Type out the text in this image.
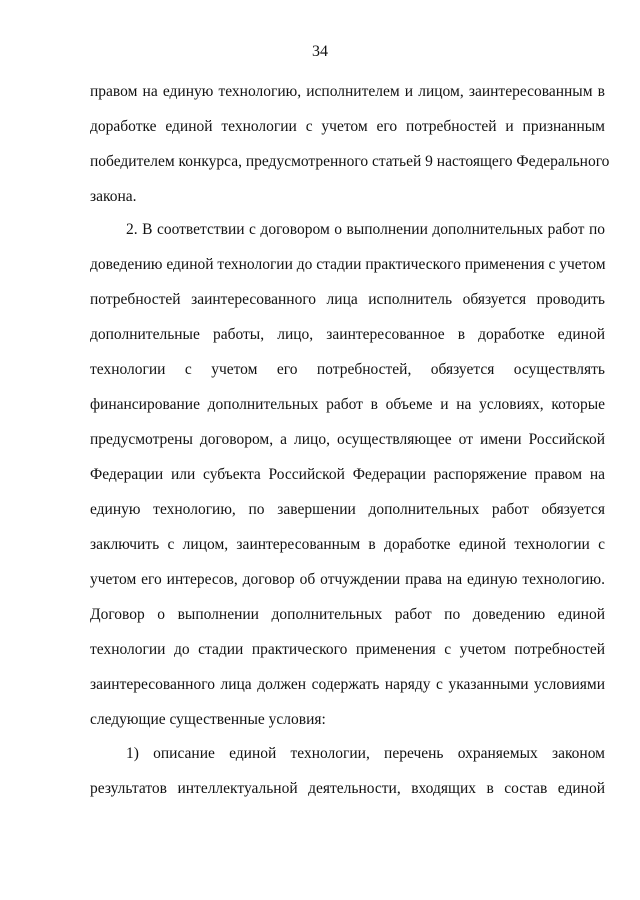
34
правом на единую технологию, исполнителем и лицом, заинтересованным в
доработке единой технологии с учетом его потребностей и признанным
победителем конкурса, предусмотренного статьей 9 настоящего Федерального
закона.
2. В соответствии с договором о выполнении дополнительных работ по
доведению единой технологии до стадии практического применения с учетом
потребностей заинтересованного лица исполнитель обязуется проводить
дополнительные работы, лицо, заинтересованное в доработке единой
технологии с учетом его потребностей, обязуется осуществлять
финансирование дополнительных работ в объеме и на условиях, которые
предусмотрены договором, а лицо, осуществляющее от имени Российской
Федерации или субъекта Российской Федерации распоряжение правом на
единую технологию, по завершении дополнительных работ обязуется
заключить с лицом, заинтересованным в доработке единой технологии с
учетом его интересов, договор об отчуждении права на единую технологию.
Договор о выполнении дополнительных работ по доведению единой
технологии до стадии практического применения с учетом потребностей
заинтересованного лица должен содержать наряду с указанными условиями
следующие существенные условия:
1) описание единой технологии, перечень охраняемых законом
результатов интеллектуальной деятельности, входящих в состав единой
